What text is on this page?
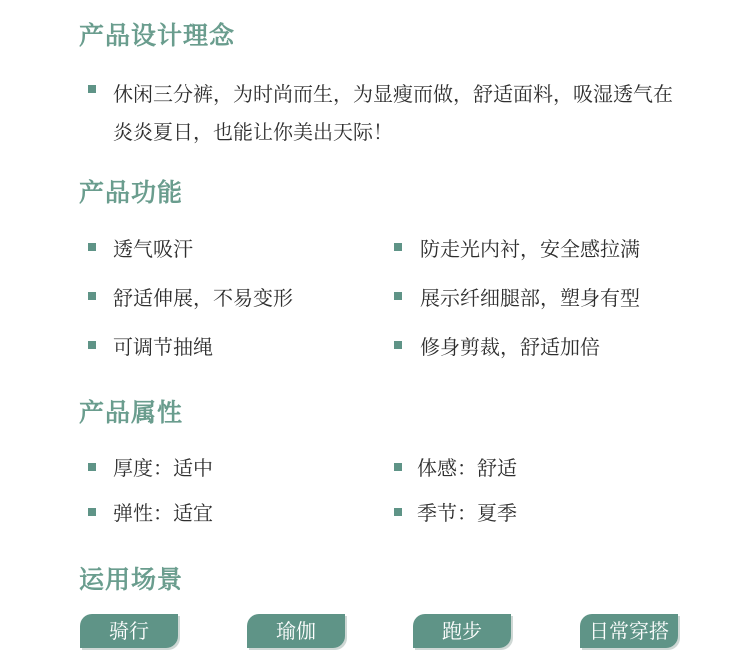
产品设计理念
休闲三分裤，为时尚而生，为显瘦而做，舒适面料，吸湿透气在炎炎夏日，也能让你美出天际！
产品功能
透气吸汗	防走光内衬，安全感拉满
舒适伸展，不易变形	展示纤细腿部，塑身有型
可调节抽绳	修身剪裁，舒适加倍
产品属性
厚度：适中	体感：舒适
弹性：适宜	季节：夏季
运用场景
骑行	瑜伽	跑步	日常穿搭
